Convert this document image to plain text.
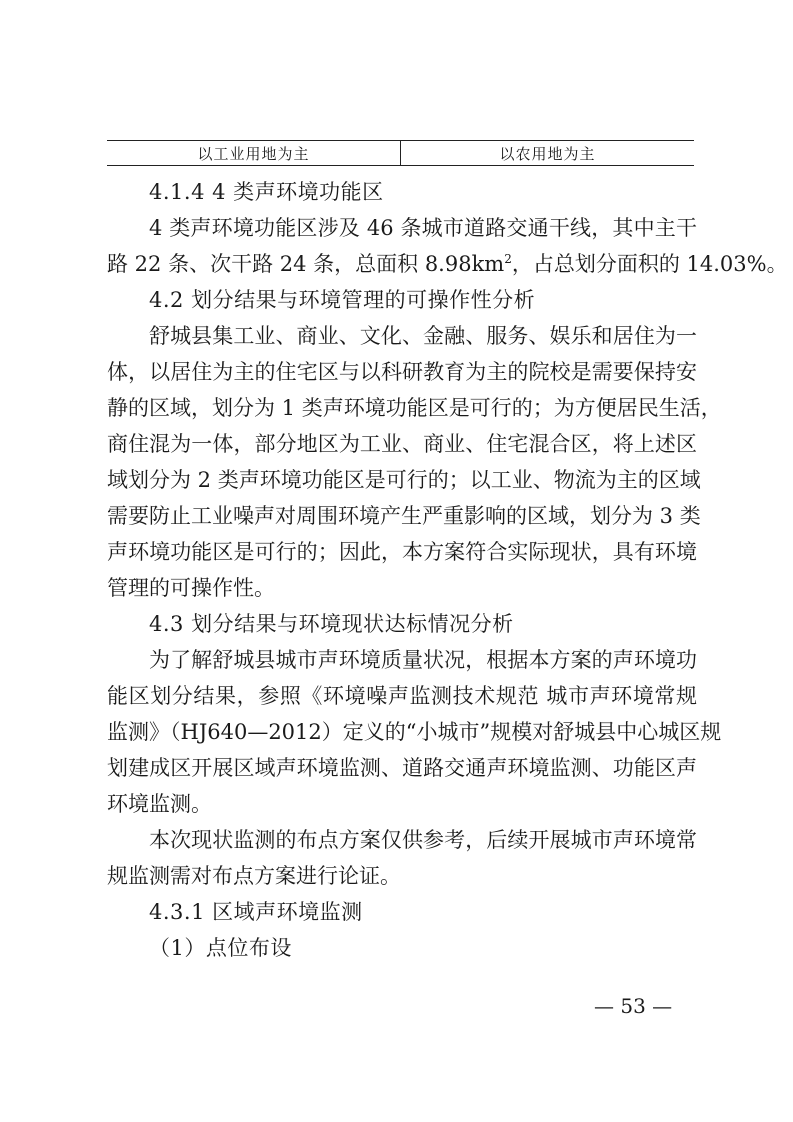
以工业用地为主	以农用地为主

4.1.4 4 类声环境功能区

4 类声环境功能区涉及 46 条城市道路交通干线，其中主干

路 22 条、次干路 24 条，总面积 $8.98km^2$，占总划分面积的 14.03%。

4.2 划分结果与环境管理的可操作性分析

舒城县集工业、商业、文化、金融、服务、娱乐和居住为一

体，以居住为主的住宅区与以科研教育为主的院校是需要保持安

静的区域，划分为 1 类声环境功能区是可行的；为方便居民生活，

商住混为一体，部分地区为工业、商业、住宅混合区，将上述区

域划分为 2 类声环境功能区是可行的；以工业、物流为主的区域

需要防止工业噪声对周围环境产生严重影响的区域，划分为 3 类

声环境功能区是可行的；因此，本方案符合实际现状，具有环境

管理的可操作性。

4.3 划分结果与环境现状达标情况分析

为了解舒城县城市声环境质量状况，根据本方案的声环境功

能区划分结果，参照《环境噪声监测技术规范 城市声环境常规

监测》（HJ640—2012）定义的“小城市”规模对舒城县中心城区规

划建成区开展区域声环境监测、道路交通声环境监测、功能区声

环境监测。

本次现状监测的布点方案仅供参考，后续开展城市声环境常

规监测需对布点方案进行论证。

4.3.1 区域声环境监测

（1）点位布设

— 53 —
